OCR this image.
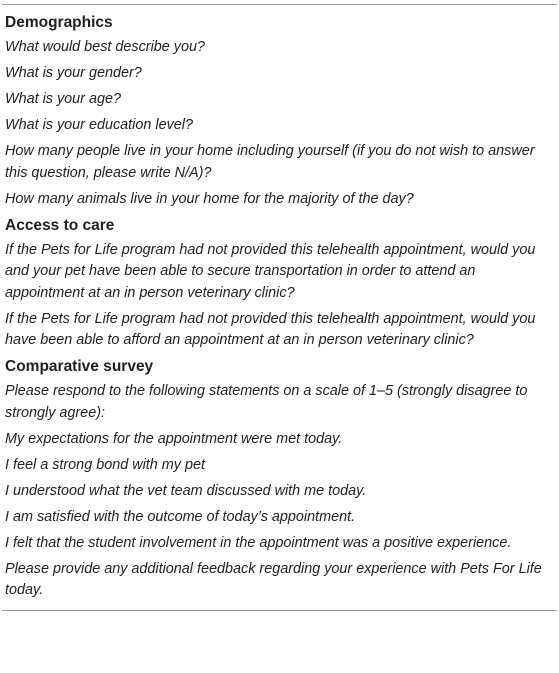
Demographics
What would best describe you?
What is your gender?
What is your age?
What is your education level?
How many people live in your home including yourself (if you do not wish to answer this question, please write N/A)?
How many animals live in your home for the majority of the day?
Access to care
If the Pets for Life program had not provided this telehealth appointment, would you and your pet have been able to secure transportation in order to attend an appointment at an in person veterinary clinic?
If the Pets for Life program had not provided this telehealth appointment, would you have been able to afford an appointment at an in person veterinary clinic?
Comparative survey
Please respond to the following statements on a scale of 1–5 (strongly disagree to strongly agree):
My expectations for the appointment were met today.
I feel a strong bond with my pet
I understood what the vet team discussed with me today.
I am satisfied with the outcome of today’s appointment.
I felt that the student involvement in the appointment was a positive experience.
Please provide any additional feedback regarding your experience with Pets For Life today.
